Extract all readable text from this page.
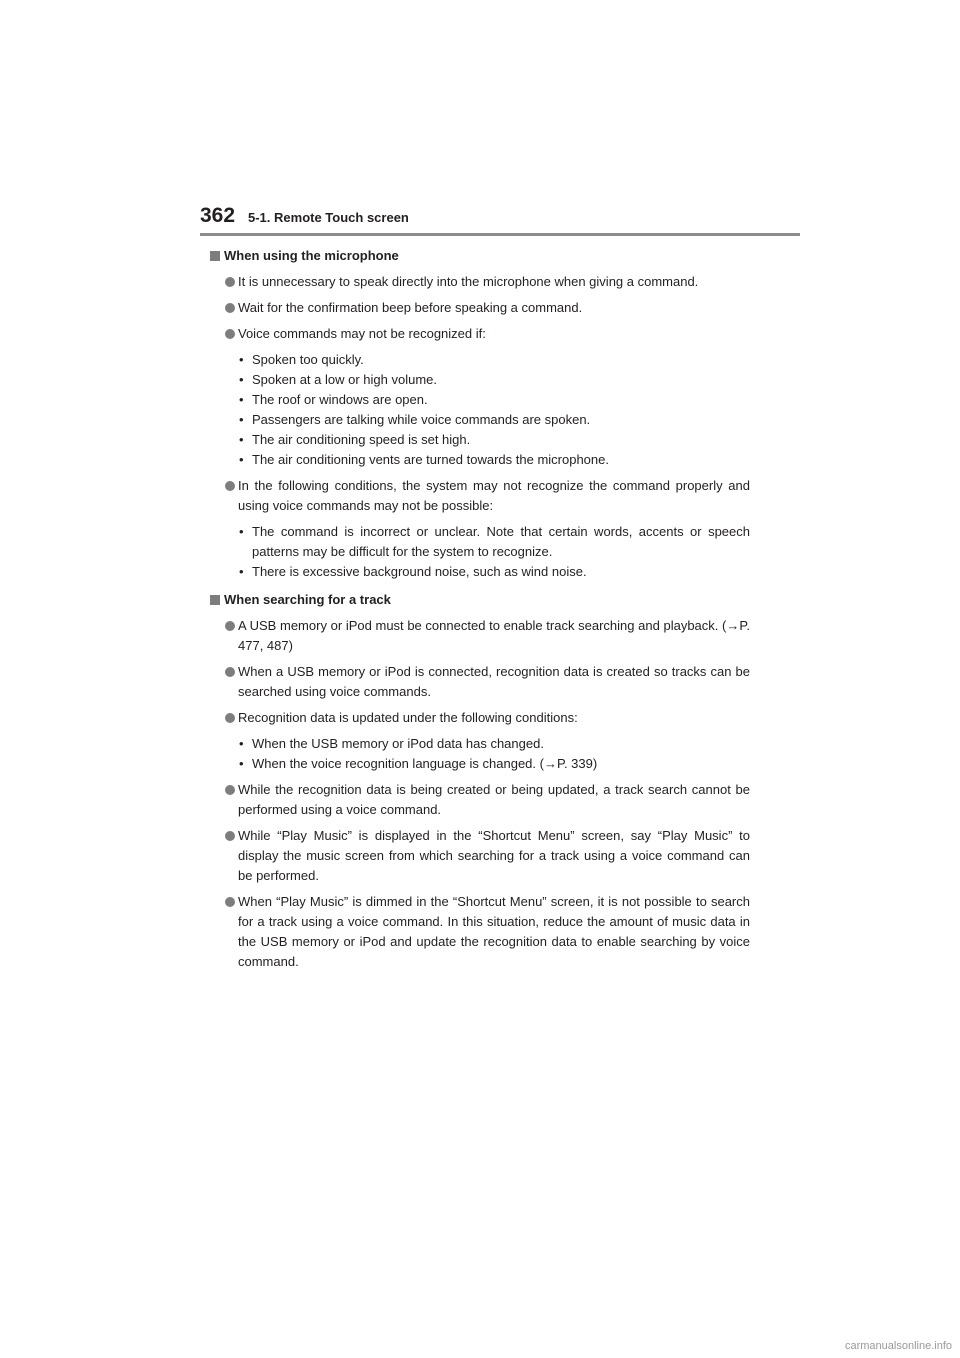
362 5-1. Remote Touch screen
When using the microphone
It is unnecessary to speak directly into the microphone when giving a command.
Wait for the confirmation beep before speaking a command.
Voice commands may not be recognized if:
• Spoken too quickly.
• Spoken at a low or high volume.
• The roof or windows are open.
• Passengers are talking while voice commands are spoken.
• The air conditioning speed is set high.
• The air conditioning vents are turned towards the microphone.
In the following conditions, the system may not recognize the command properly and using voice commands may not be possible:
• The command is incorrect or unclear. Note that certain words, accents or speech patterns may be difficult for the system to recognize.
• There is excessive background noise, such as wind noise.
When searching for a track
A USB memory or iPod must be connected to enable track searching and playback. (→P. 477, 487)
When a USB memory or iPod is connected, recognition data is created so tracks can be searched using voice commands.
Recognition data is updated under the following conditions:
• When the USB memory or iPod data has changed.
• When the voice recognition language is changed. (→P. 339)
While the recognition data is being created or being updated, a track search cannot be performed using a voice command.
While “Play Music” is displayed in the “Shortcut Menu” screen, say “Play Music” to display the music screen from which searching for a track using a voice command can be performed.
When “Play Music” is dimmed in the “Shortcut Menu” screen, it is not possible to search for a track using a voice command. In this situation, reduce the amount of music data in the USB memory or iPod and update the recognition data to enable searching by voice command.
carmanualsonline.info
